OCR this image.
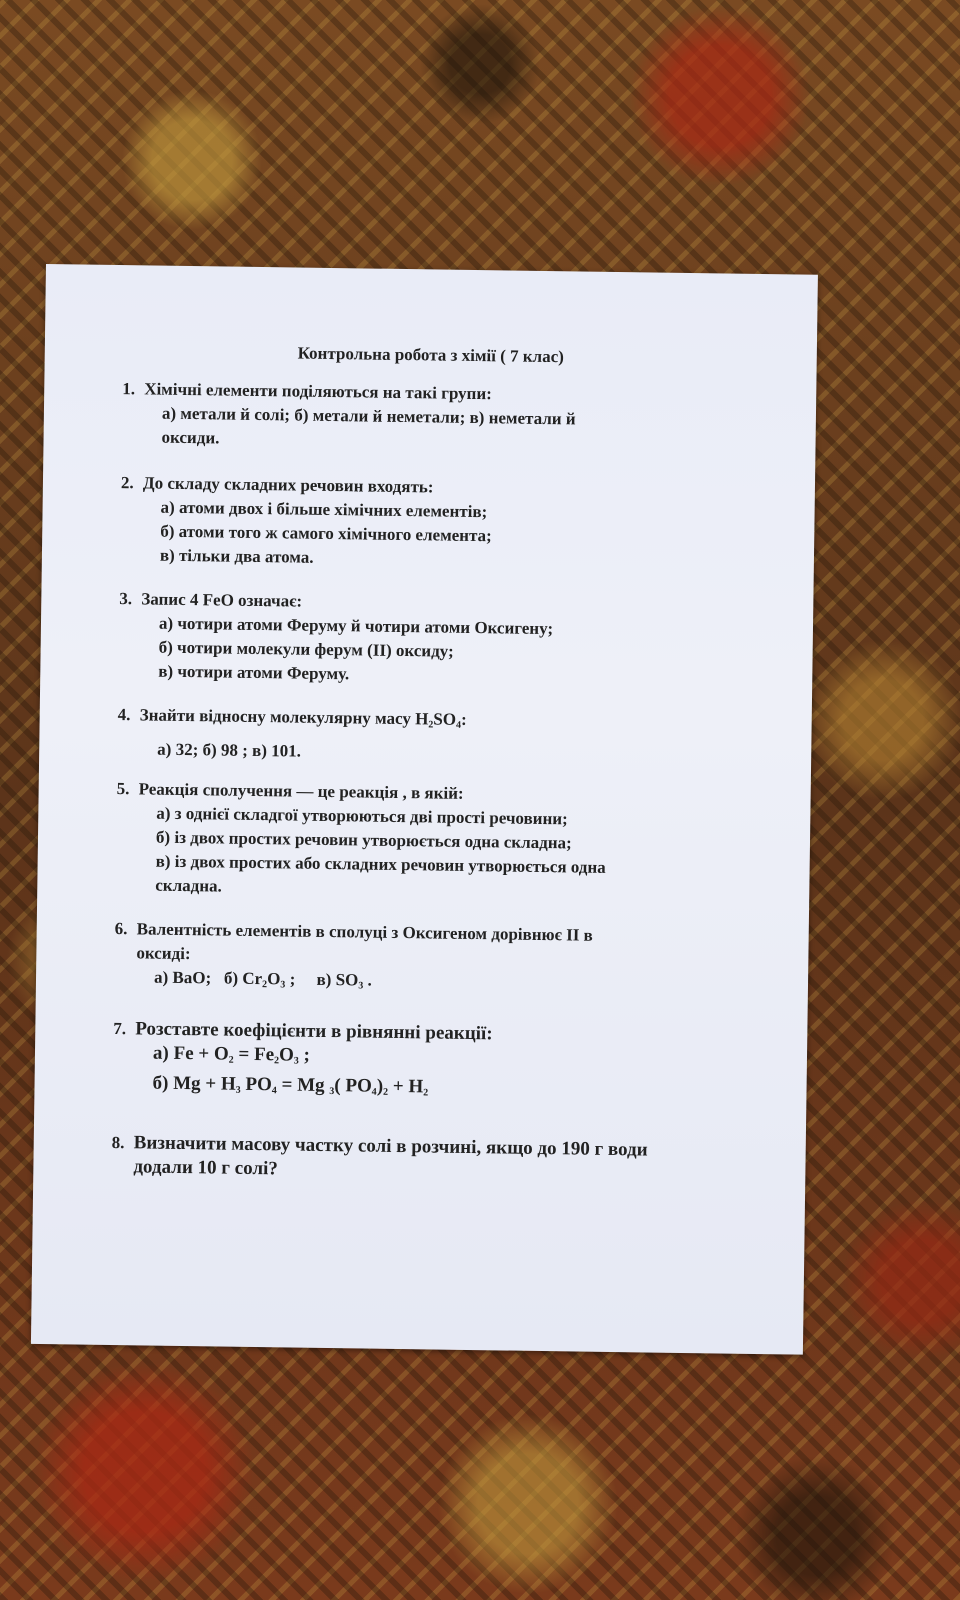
Контрольна робота з хімії ( 7 клас)
1. Хімічні елементи поділяються на такі групи:
а) метали й солі; б) метали й неметали; в) неметали й
оксиди.
2. До складу складних речовин входять:
а) атоми двох і більше хімічних елементів;
б) атоми того ж самого хімічного елемента;
в) тільки два атома.
3. Запис 4 FeO означає:
а) чотири атоми Феруму й чотири атоми Оксигену;
б) чотири молекули ферум (II) оксиду;
в) чотири атоми Феруму.
4. Знайти відносну молекулярну масу $H_2SO_4$:
а) 32; б) 98 ; в) 101.
5. Реакція сполучення — це реакція , в якій:
а) з однієї складгої утворюються дві прості речовини;
б) із двох простих речовин утворюється одна складна;
в) із двох простих або складних речовин утворюється одна
складна.
6. Валентність елементів в сполуці з Оксигеном дорівнює II в
оксиді:
а) BaO; б) $Cr_2O_3$ ; в) $SO_3$ .
7. Розставте коефіцієнти в рівнянні реакції:
а) $Fe + O_2 = Fe_2O_3$ ;
б) $Mg + H_3$ $PO_4 = Mg$ $_3$( $PO_4)_2 + H_2$
8. Визначити масову частку солі в розчині, якщо до 190 г води
додали 10 г солі?
